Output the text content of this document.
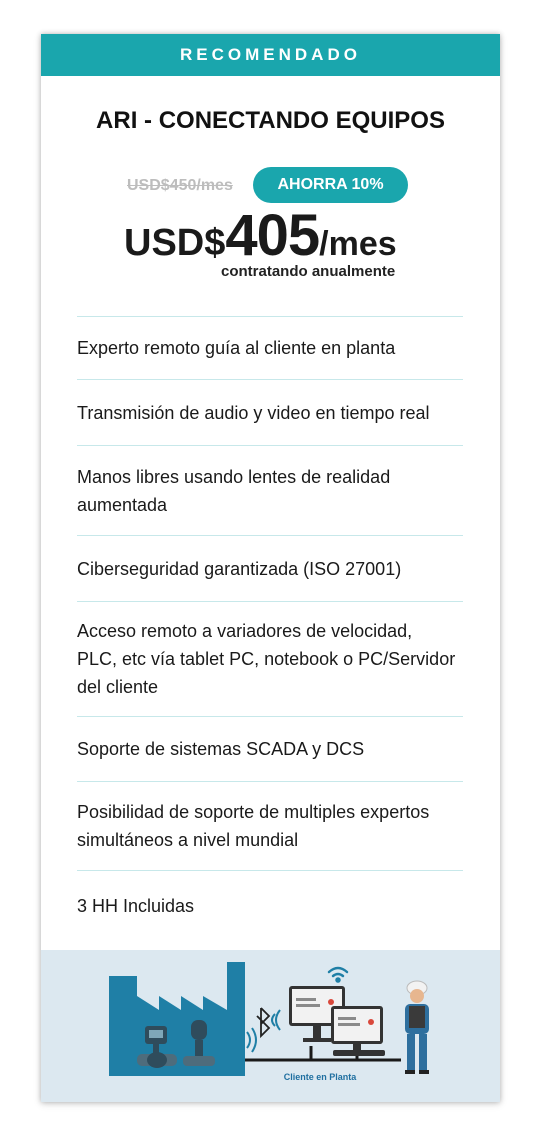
RECOMENDADO
ARI - CONECTANDO EQUIPOS
USD$450/mes	AHORRA 10%
USD$405/mes
contratando anualmente
Experto remoto guía al cliente en planta
Transmisión de audio y video en tiempo real
Manos libres usando lentes de realidad aumentada
Ciberseguridad garantizada (ISO 27001)
Acceso remoto a variadores de velocidad, PLC, etc vía tablet PC, notebook o PC/Servidor del cliente
Soporte de sistemas SCADA y DCS
Posibilidad de soporte de multiples expertos simultáneos a nivel mundial
3 HH Incluidas
Cliente en Planta
